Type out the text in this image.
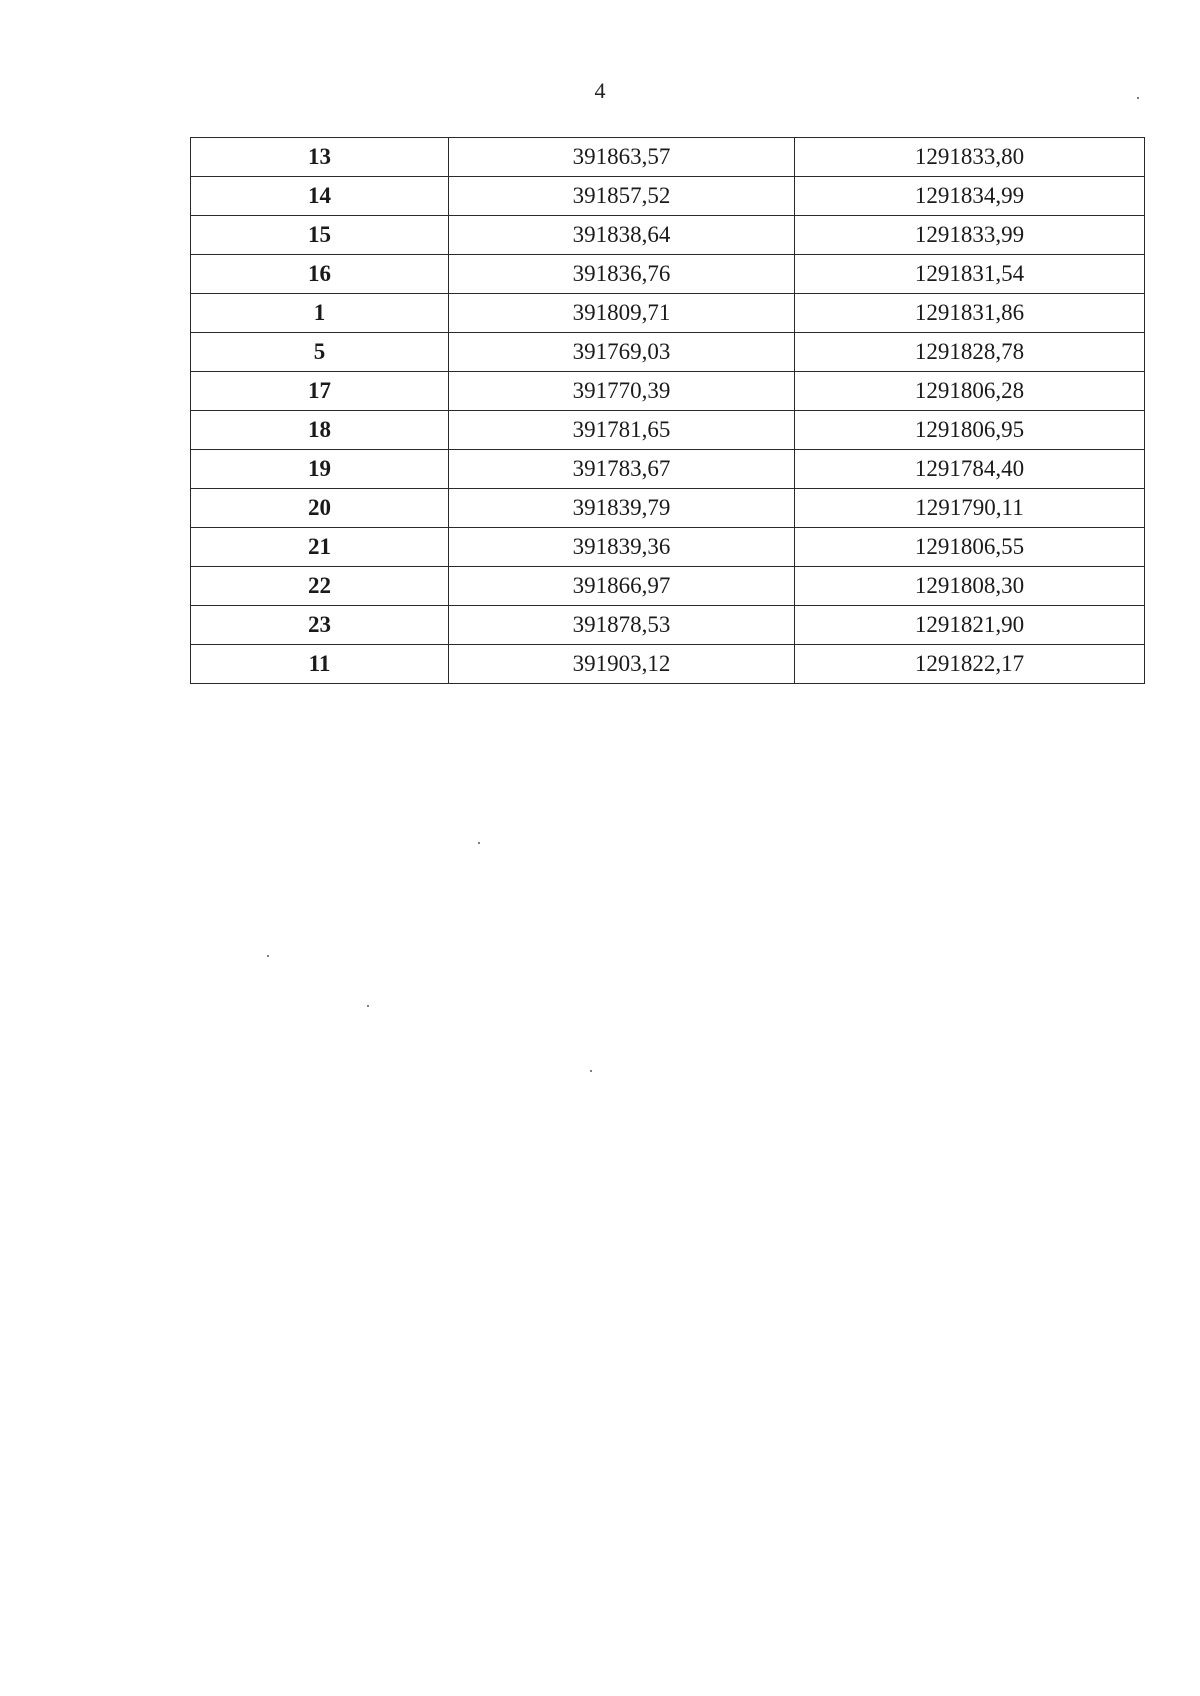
4
13	391863,57	1291833,80
14	391857,52	1291834,99
15	391838,64	1291833,99
16	391836,76	1291831,54
1	391809,71	1291831,86
5	391769,03	1291828,78
17	391770,39	1291806,28
18	391781,65	1291806,95
19	391783,67	1291784,40
20	391839,79	1291790,11
21	391839,36	1291806,55
22	391866,97	1291808,30
23	391878,53	1291821,90
11	391903,12	1291822,17
